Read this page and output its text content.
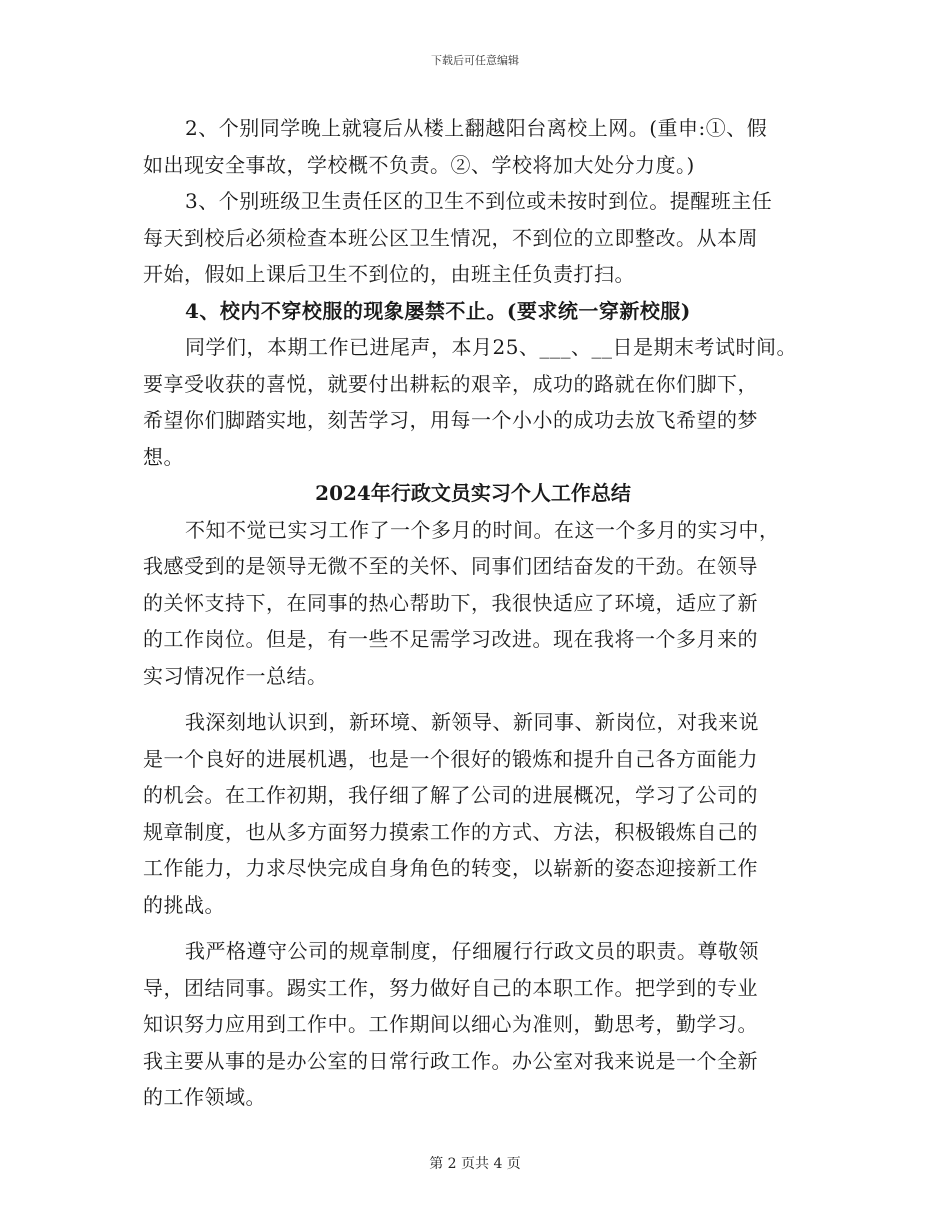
下载后可任意编辑
2、个别同学晚上就寝后从楼上翻越阳台离校上网。(重申:①、假
如出现安全事故，学校概不负责。②、学校将加大处分力度。)
3、个别班级卫生责任区的卫生不到位或未按时到位。提醒班主任
每天到校后必须检查本班公区卫生情况，不到位的立即整改。从本周
开始，假如上课后卫生不到位的，由班主任负责打扫。
4、校内不穿校服的现象屡禁不止。(要求统一穿新校服)
同学们，本期工作已进尾声，本月25、___、__日是期末考试时间。
要享受收获的喜悦，就要付出耕耘的艰辛，成功的路就在你们脚下，
希望你们脚踏实地，刻苦学习，用每一个小小的成功去放飞希望的梦
想。
2024年行政文员实习个人工作总结
不知不觉已实习工作了一个多月的时间。在这一个多月的实习中，
我感受到的是领导无微不至的关怀、同事们团结奋发的干劲。在领导
的关怀支持下，在同事的热心帮助下，我很快适应了环境，适应了新
的工作岗位。但是，有一些不足需学习改进。现在我将一个多月来的
实习情况作一总结。
我深刻地认识到，新环境、新领导、新同事、新岗位，对我来说
是一个良好的进展机遇，也是一个很好的锻炼和提升自己各方面能力
的机会。在工作初期，我仔细了解了公司的进展概况，学习了公司的
规章制度，也从多方面努力摸索工作的方式、方法，积极锻炼自己的
工作能力，力求尽快完成自身角色的转变，以崭新的姿态迎接新工作
的挑战。
我严格遵守公司的规章制度，仔细履行行政文员的职责。尊敬领
导，团结同事。踢实工作，努力做好自己的本职工作。把学到的专业
知识努力应用到工作中。工作期间以细心为准则，勤思考，勤学习。
我主要从事的是办公室的日常行政工作。办公室对我来说是一个全新
的工作领域。
第 2 页共 4 页
